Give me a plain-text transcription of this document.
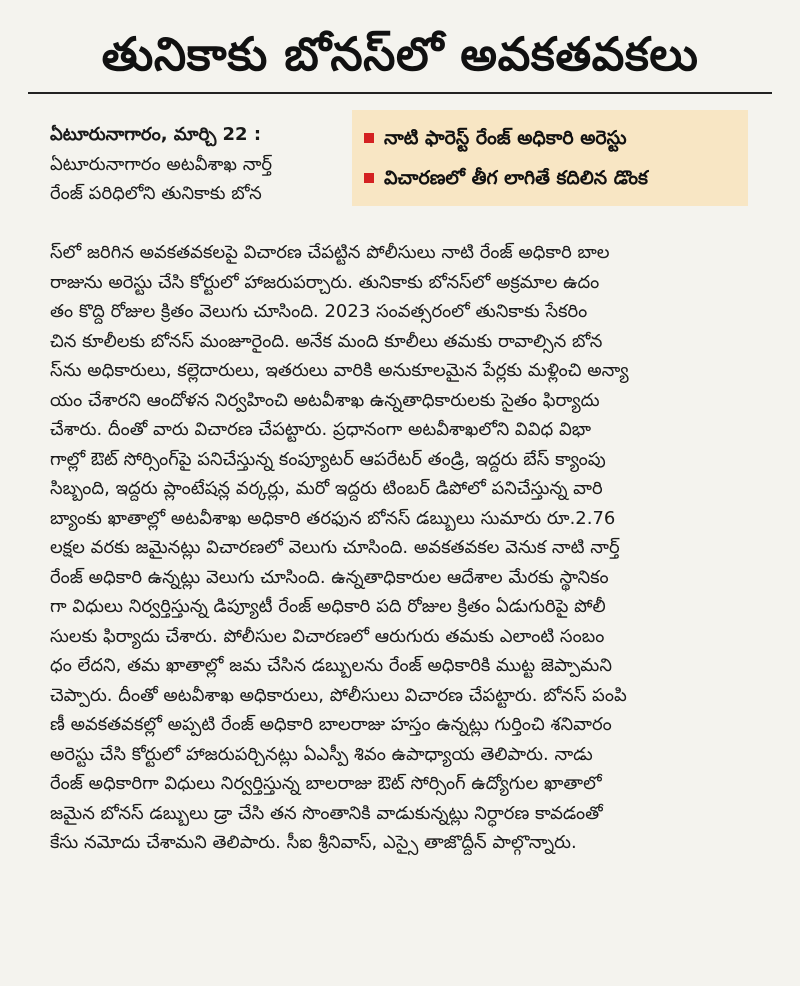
తునికాకు బోనస్‌లో అవకతవకలు
నాటి ఫారెస్ట్ రేంజ్ అధికారి అరెస్టు
విచారణలో తీగ లాగితే కదిలిన డొంక
ఏటూరునాగారం, మార్చి 22 :
ఏటూరునాగారం అటవీశాఖ నార్త్
రేంజ్ పరిధిలోని తునికాకు బోన
స్‌లో జరిగిన అవకతవకలపై విచారణ చేపట్టిన పోలీసులు నాటి రేంజ్ అధికారి బాల
రాజును అరెస్టు చేసి కోర్టులో హాజరుపర్చారు. తునికాకు బోనస్‌లో అక్రమాల ఉదం
తం కొద్ది రోజుల క్రితం వెలుగు చూసింది. 2023 సంవత్సరంలో తునికాకు సేకరిం
చిన కూలీలకు బోనస్ మంజూరైంది. అనేక మంది కూలీలు తమకు రావాల్సిన బోన
స్‌ను అధికారులు, కల్లెదారులు, ఇతరులు వారికి అనుకూలమైన పేర్లకు మళ్లించి అన్యా
యం చేశారని ఆందోళన నిర్వహించి అటవీశాఖ ఉన్నతాధికారులకు సైతం ఫిర్యాదు
చేశారు. దీంతో వారు విచారణ చేపట్టారు. ప్రధానంగా అటవీశాఖలోని వివిధ విభా
గాల్లో ఔట్ సోర్సింగ్‌పై పనిచేస్తున్న కంప్యూటర్ ఆపరేటర్ తండ్రి, ఇద్దరు బేస్ క్యాంపు
సిబ్బంది, ఇద్దరు ప్లాంటేషన్ల వర్కర్లు, మరో ఇద్దరు టింబర్ డిపోలో పనిచేస్తున్న వారి
బ్యాంకు ఖాతాల్లో అటవీశాఖ అధికారి తరఫున బోనస్ డబ్బులు సుమారు రూ.2.76
లక్షల వరకు జమైనట్లు విచారణలో వెలుగు చూసింది. అవకతవకల వెనుక నాటి నార్త్
రేంజ్ అధికారి ఉన్నట్లు వెలుగు చూసింది. ఉన్నతాధికారుల ఆదేశాల మేరకు స్థానికం
గా విధులు నిర్వర్తిస్తున్న డిప్యూటీ రేంజ్ అధికారి పది రోజుల క్రితం ఏడుగురిపై పోలీ
సులకు ఫిర్యాదు చేశారు. పోలీసుల విచారణలో ఆరుగురు తమకు ఎలాంటి సంబం
ధం లేదని, తమ ఖాతాల్లో జమ చేసిన డబ్బులను రేంజ్ అధికారికి ముట్ట జెప్పామని
చెప్పారు. దీంతో అటవీశాఖ అధికారులు, పోలీసులు విచారణ చేపట్టారు. బోనస్ పంపి
ణీ అవకతవకల్లో అప్పటి రేంజ్ అధికారి బాలరాజు హస్తం ఉన్నట్లు గుర్తించి శనివారం
అరెస్టు చేసి కోర్టులో హాజరుపర్చినట్లు ఏఎస్పీ శివం ఉపాధ్యాయ తెలిపారు. నాడు
రేంజ్ అధికారిగా విధులు నిర్వర్తిస్తున్న బాలరాజు ఔట్ సోర్సింగ్ ఉద్యోగుల ఖాతాలో
జమైన బోనస్ డబ్బులు డ్రా చేసి తన సొంతానికి వాడుకున్నట్లు నిర్ధారణ కావడంతో
కేసు నమోదు చేశామని తెలిపారు. సీఐ శ్రీనివాస్, ఎస్సై తాజొద్దీన్ పాల్గొన్నారు.
